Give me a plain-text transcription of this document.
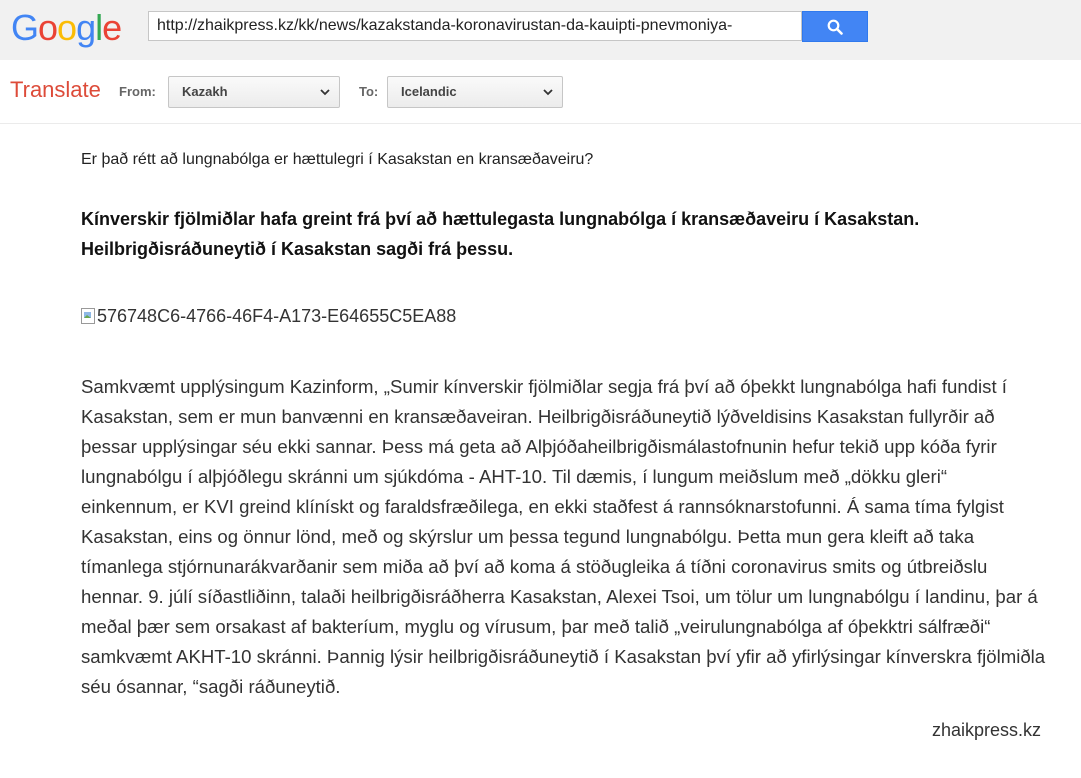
Google	http://zhaikpress.kz/kk/news/kazakstanda-koronavirustan-da-kauipti-pnevmoniya-
Translate From:	Kazakh	To:	Icelandic
Er það rétt að lungnabólga er hættulegri í Kasakstan en kransæðaveiru?
Kínverskir fjölmiðlar hafa greint frá því að hættulegasta lungnabólga í kransæðaveiru í Kasakstan. Heilbrigðisráðuneytið í Kasakstan sagði frá þessu.
576748C6-4766-46F4-A173-E64655C5EA88
Samkvæmt upplýsingum Kazinform, „Sumir kínverskir fjölmiðlar segja frá því að óþekkt lungnabólga hafi fundist í Kasakstan, sem er mun banvænni en kransæðaveiran. Heilbrigðisráðuneytið lýðveldisins Kasakstan fullyrðir að þessar upplýsingar séu ekki sannar. Þess má geta að Alþjóðaheilbrigðismálastofnunin hefur tekið upp kóða fyrir lungnabólgu í alþjóðlegu skránni um sjúkdóma - AHT-10. Til dæmis, í lungum meiðslum með „dökku gleri“ einkennum, er KVI greind klínískt og faraldsfræðilega, en ekki staðfest á rannsóknarstofunni. Á sama tíma fylgist Kasakstan, eins og önnur lönd, með og skýrslur um þessa tegund lungnabólgu. Þetta mun gera kleift að taka tímanlega stjórnunarákvarðanir sem miða að því að koma á stöðugleika á tíðni coronavirus smits og útbreiðslu hennar. 9. júlí síðastliðinn, talaði heilbrigðisráðherra Kasakstan, Alexei Tsoi, um tölur um lungnabólgu í landinu, þar á meðal þær sem orsakast af bakteríum, myglu og vírusum, þar með talið „veirulungnabólga af óþekktri sálfræði“ samkvæmt AKHT-10 skránni. Þannig lýsir heilbrigðisráðuneytið í Kasakstan því yfir að yfirlýsingar kínverskra fjölmiðla séu ósannar, “sagði ráðuneytið.
zhaikpress.kz
